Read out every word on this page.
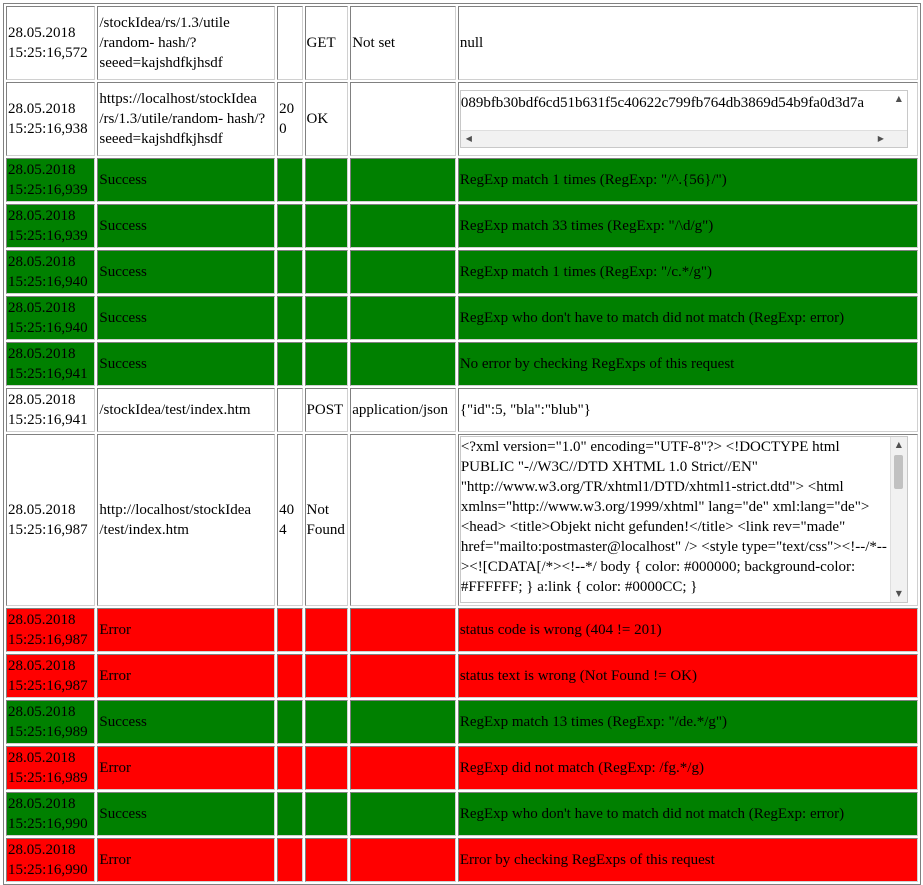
28.05.2018 15:25:16,572	/stockIdea/rs/1.3/utile /random- hash/?seeed=kajshdfkjhsdf		GET	Not set	null
28.05.2018 15:25:16,938	https://localhost/stockIdea /rs/1.3/utile/random- hash/?seeed=kajshdfkjhsdf	200	OK		089bfb30bdf6cd51b631f5c40622c799fb764db3869d54b9fa0d3d7a ▲
◀ ▶

28.05.2018 15:25:16,939	Success				RegExp match 1 times (RegExp: "/^.{56}/")
28.05.2018 15:25:16,939	Success				RegExp match 33 times (RegExp: "/\d/g")
28.05.2018 15:25:16,940	Success				RegExp match 1 times (RegExp: "/c.*/g")
28.05.2018 15:25:16,940	Success				RegExp who don't have to match did not match (RegExp: error)
28.05.2018 15:25:16,941	Success				No error by checking RegExps of this request
28.05.2018 15:25:16,941	/stockIdea/test/index.htm		POST	application/json	{"id":5, "bla":"blub"}
28.05.2018 15:25:16,987	http://localhost/stockIdea /test/index.htm	404	Not Found		<?xml version="1.0" encoding="UTF-8"?> <!DOCTYPE html PUBLIC "-//W3C//DTD XHTML 1.0 Strict//EN" "http://www.w3.org/TR/xhtml1/DTD/xhtml1-strict.dtd"> <html xmlns="http://www.w3.org/1999/xhtml" lang="de" xml:lang="de"> <head> <title>Objekt nicht gefunden!</title> <link rev="made" href="mailto:postmaster@localhost" /> <style type="text/css"><!--/*--><![CDATA[/*><!--*/ body { color: #000000; background-color: #FFFFFF; } a:link { color: #0000CC; }
▲
▼

28.05.2018 15:25:16,987	Error				status code is wrong (404 != 201)
28.05.2018 15:25:16,987	Error				status text is wrong (Not Found != OK)
28.05.2018 15:25:16,989	Success				RegExp match 13 times (RegExp: "/de.*/g")
28.05.2018 15:25:16,989	Error				RegExp did not match (RegExp: /fg.*/g)
28.05.2018 15:25:16,990	Success				RegExp who don't have to match did not match (RegExp: error)
28.05.2018 15:25:16,990	Error				Error by checking RegExps of this request
